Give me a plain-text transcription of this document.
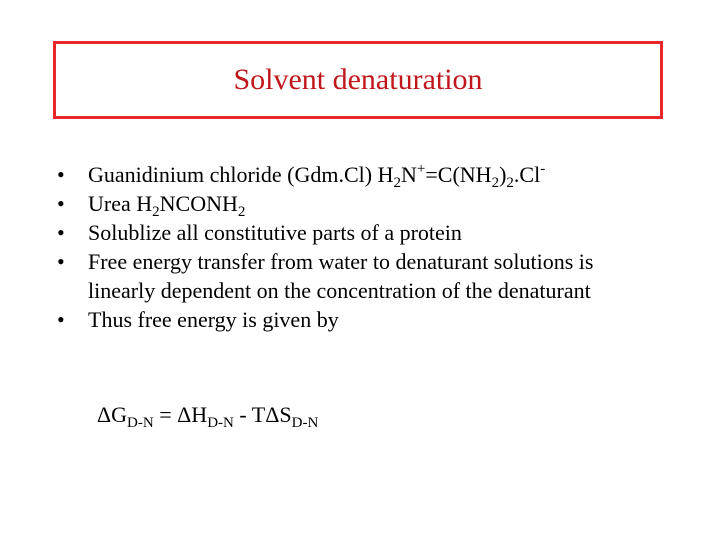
Solvent denaturation
• Guanidinium chloride (Gdm.Cl) $H_2N^+=C(NH_2)_2.Cl^-$
• Urea $H_2NCONH_2$
• Solublize all constitutive parts of a protein
• Free energy transfer from water to denaturant solutions is linearly dependent on the concentration of the denaturant
• Thus free energy is given by
$\Delta G_{D-N} = \Delta H_{D-N} - T\Delta S_{D-N}$
